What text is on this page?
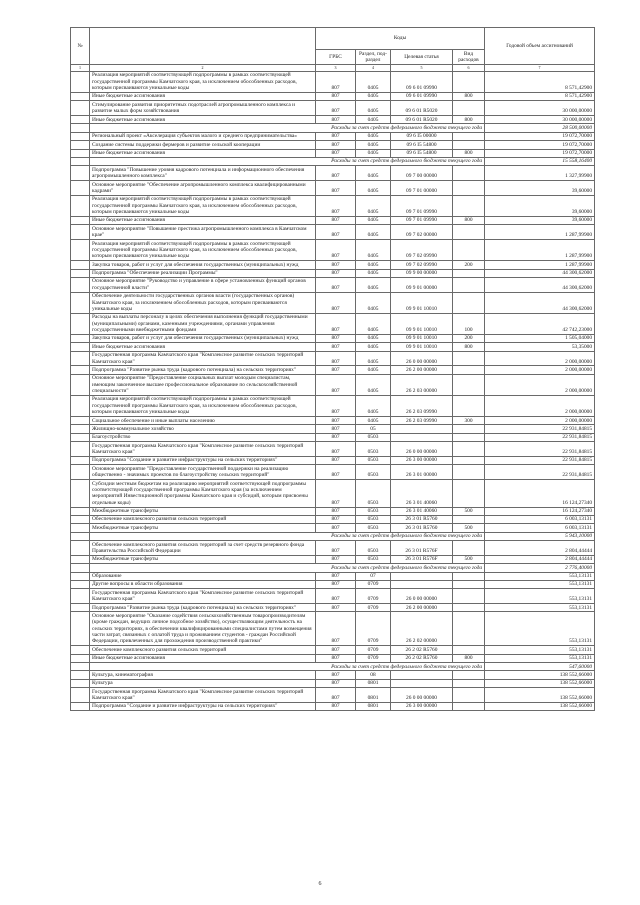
№		Коды				Годовой объем ассигнований
		ГРБС	Раздел, под-раздел	Целевая статья	Вид расходов	
1	2	3	4	5	6	7
	Реализация мероприятий соответствующей подпрограммы в рамках соответствующей государственной программы Камчатского края, за исключением обособленных расходов, которым присваиваются уникальные коды	807	0405	09 6 01 09990		8 571,42900
	Иные бюджетные ассигнования	807	0405	09 6 01 09990	800	8 571,42900
	Стимулирование развития приоритетных подотраслей агропромышленного комплекса и развитие малых форм хозяйствования	807	0405	09 6 01 R5020		30 000,00000
	Иные бюджетные ассигнования	807	0405	09 6 01 R5020	800	30 000,00000
	Расходы за счет средств федерального бюджета текущего года					28 500,00000
	Региональный проект «Акселерация субъектов малого и среднего предпринимательства»	807	0405	09 6 I5 00000		19 072,70000
	Создание системы поддержки фермеров и развитие сельской кооперации	807	0405	09 6 I5 54800		19 072,70000
	Иные бюджетные ассигнования	807	0405	09 6 I5 54800	800	19 072,70000
	Расходы за счет средств федерального бюджета текущего года					15 558,16400
	Подпрограмма "Повышение уровня кадрового потенциала и информационного обеспечения агропромышленного комплекса"	807	0405	09 7 00 00000		1 327,99900
	Основное мероприятие "Обеспечение агропромышленного комплекса квалифицированными кадрами"	807	0405	09 7 01 00000		39,60000
	Реализация мероприятий соответствующей подпрограммы в рамках соответствующей государственной программы Камчатского края, за исключением обособленных расходов, которым присваиваются уникальные коды	807	0405	09 7 01 09990		39,60000
	Иные бюджетные ассигнования	807	0405	09 7 01 09990	800	39,60000
	Основное мероприятие "Повышение престижа агропромышленного комплекса в Камчатском крае"	807	0405	09 7 02 00000		1 287,99900
	Реализация мероприятий соответствующей подпрограммы в рамках соответствующей государственной программы Камчатского края, за исключением обособленных расходов, которым присваиваются уникальные коды	807	0405	09 7 02 09990		1 287,99900
	Закупка товаров, работ и услуг для обеспечения государственных (муниципальных) нужд	807	0405	09 7 02 09990	200	1 287,99900
	Подпрограмма "Обеспечение реализации Программы"	807	0405	09 9 00 00000		44 300,62000
	Основное мероприятие "Руководство и управление в сфере установленных функций органов государственной власти"	807	0405	09 9 01 00000		44 300,62000
	Обеспечение деятельности государственных органов власти (государственных органов) Камчатского края, за исключением обособленных расходов, которым присваиваются уникальные коды	807	0405	09 9 01 10010		44 300,62000
	Расходы на выплаты персоналу в целях обеспечения выполнения функций государственными (муниципальными) органами, казенными учреждениями, органами управления государственными внебюджетными фондами	807	0405	09 9 01 10010	100	42 742,23000
	Закупка товаров, работ и услуг для обеспечения государственных (муниципальных) нужд	807	0405	09 9 01 10010	200	1 505,04000
	Иные бюджетные ассигнования	807	0405	09 9 01 10010	800	53,35000
	Государственная программа Камчатского края "Комплексное развитие сельских территорий Камчатского края"	807	0405	26 0 00 00000		2 000,00000
	Подпрограмма "Развитие рынка труда (кадрового потенциала) на сельских территориях"	807	0405	26 2 00 00000		2 000,00000
	Основное мероприятие "Предоставление социальных выплат молодым специалистам, имеющим законченное высшее профессиональное образование по сельскохозяйственной специальности"	807	0405	26 2 03 00000		2 000,00000
	Реализация мероприятий соответствующей подпрограммы в рамках соответствующей государственной программы Камчатского края, за исключением обособленных расходов, которым присваиваются уникальные коды	807	0405	26 2 03 09990		2 000,00000
	Социальное обеспечение и иные выплаты населению	807	0405	26 2 03 09990	300	2 000,00000
	Жилищно-коммунальное хозяйство	807	05			22 931,84815
	Благоустройство	807	0503			22 931,84815
	Государственная программа Камчатского края "Комплексное развитие сельских территорий Камчатского края"	807	0503	26 0 00 00000		22 931,84815
	Подпрограмма "Создание и развитие инфраструктуры на сельских территориях"	807	0503	26 3 00 00000		22 931,84815
	Основное мероприятие "Предоставление государственной поддержки на реализацию общественно - значимых проектов по благоустройству сельских территорий"	807	0503	26 3 01 00000		22 931,84815
	Субсидии местным бюджетам на реализацию мероприятий соответствующей подпрограммы соответствующей государственной программы Камчатского края (за исключением мероприятий Инвестиционной программы Камчатского края и субсидий, которым присвоены отдельные коды)	807	0503	26 3 01 40060		16 124,27340
	Межбюджетные трансферты	807	0503	26 3 01 40060	500	16 124,27340
	Обеспечение комплексного развития сельских территорий	807	0503	26 3 01 R5760		6 003,13131
	Межбюджетные трансферты	807	0503	26 3 01 R5760	500	6 003,13131
	Расходы за счет средств федерального бюджета текущего года					5 943,10000
	Обеспечение комплексного развития сельских территорий за счет средств резервного фонда Правительства Российской Федерации	807	0503	26 3 01 R576F		2 804,44444
	Межбюджетные трансферты	807	0503	26 3 01 R576F	500	2 804,44444
	Расходы за счет средств федерального бюджета текущего года					2 776,40000
	Образование	807	07			553,13131
	Другие вопросы в области образования	807	0709			553,13131
	Государственная программа Камчатского края "Комплексное развитие сельских территорий Камчатского края"	807	0709	26 0 00 00000		553,13131
	Подпрограмма "Развитие рынка труда (кадрового потенциала) на сельских территориях"	807	0709	26 2 00 00000		553,13131
	Основное мероприятие "Оказание содействия сельскохозяйственным товаропроизводителям (кроме граждан, ведущих личное подсобное хозяйство), осуществляющим деятельность на сельских территориях, в обеспечении квалифицированными специалистами путем возмещения части затрат, связанных с оплатой труда и проживанием студентов - граждан Российской Федерации, привлеченных для прохождения производственной практики"	807	0709	26 2 02 00000		553,13131
	Обеспечение комплексного развития сельских территорий	807	0709	26 2 02 R5760		553,13131
	Иные бюджетные ассигнования	807	0709	26 2 02 R5760	800	553,13131
	Расходы за счет средств федерального бюджета текущего года					547,60000
	Культура, кинематография	807	08			138 552,66000
	Культура	807	0801			138 552,66000
	Государственная программа Камчатского края "Комплексное развитие сельских территорий Камчатского края"	807	0801	26 0 00 00000		138 552,66000
	Подпрограмма "Создание и развитие инфраструктуры на сельских территориях"	807	0801	26 3 00 00000		138 552,66000
6
